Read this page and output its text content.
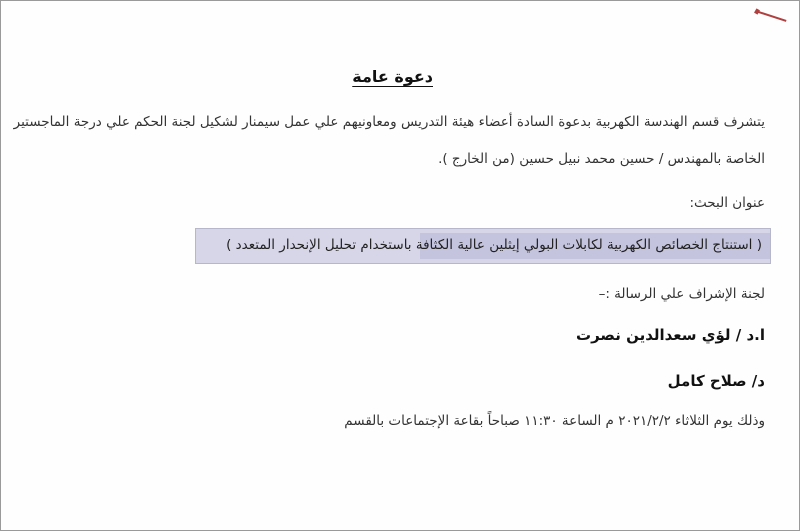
دعوة عامة
يتشرف قسم الهندسة الكهربية بدعوة السادة أعضاء هيئة التدريس ومعاونيهم علي عمل سيمنار لشكيل لجنة الحكم علي درجة الماجستير
الخاصة بالمهندس / حسين محمد نبيل حسين (من الخارج ).
عنوان البحث:
( استنتاج الخصائص الكهربية لكابلات البولي إيثلين عالية الكثافة باستخدام تحليل الإنحدار المتعدد )
لجنة الإشراف علي الرسالة :–
ا.د / لؤي سعدالدين نصرت
د/ صلاح كامل
وذلك يوم الثلاثاء ٢٠٢١/٢/٢ م الساعة ١١:٣٠ صباحاً بقاعة الإجتماعات بالقسم
